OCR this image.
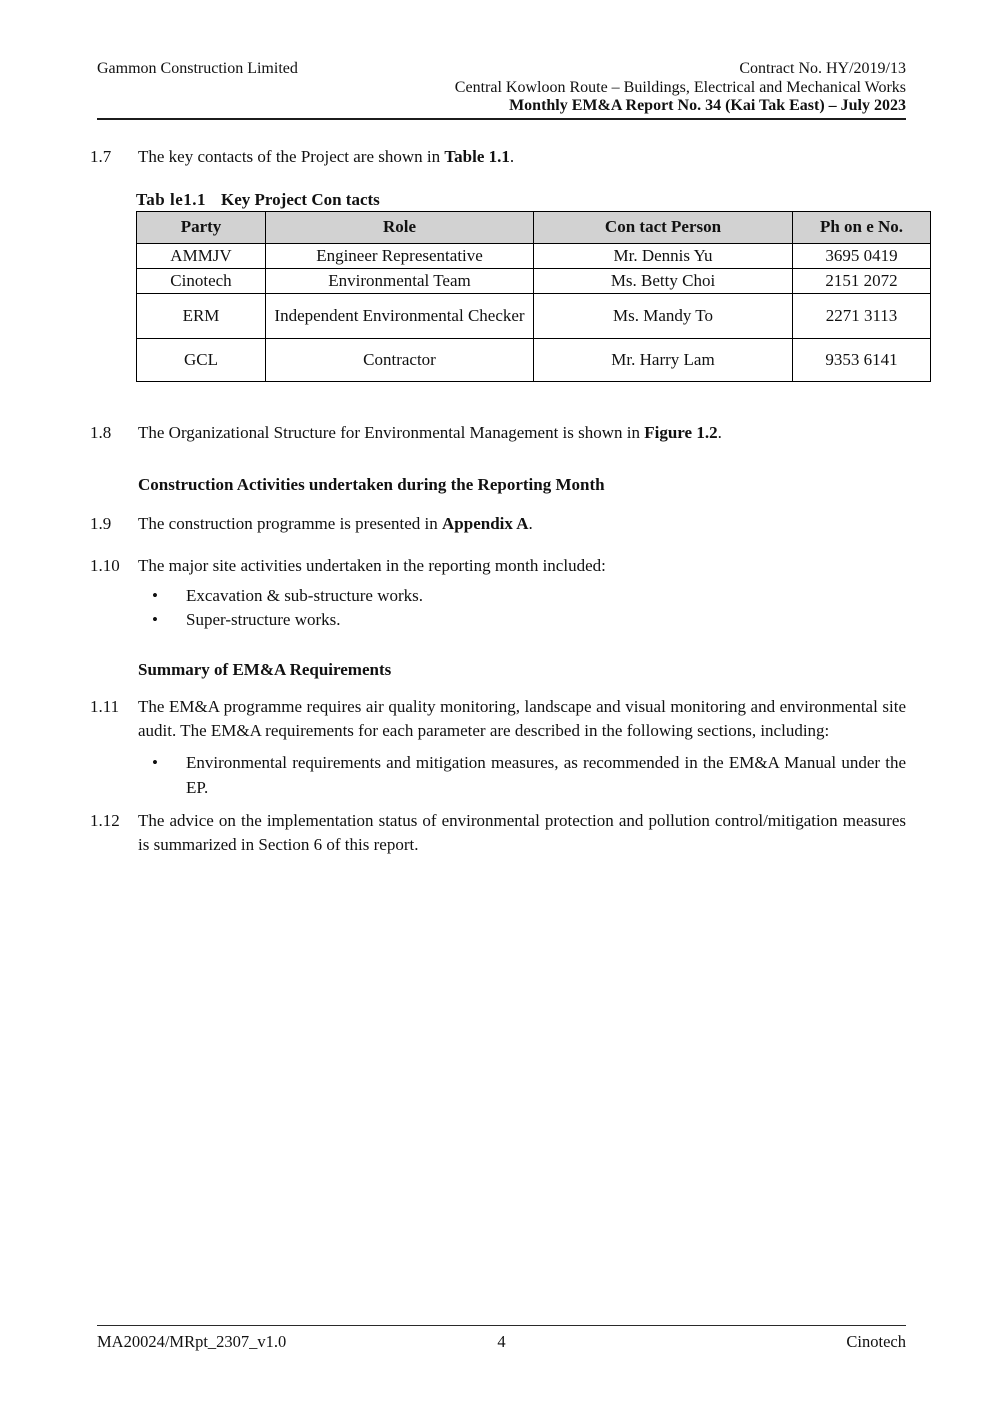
Gammon Construction Limited	Contract No. HY/2019/13
Central Kowloon Route – Buildings, Electrical and Mechanical Works
Monthly EM&A Report No. 34 (Kai Tak East) – July 2023
1.7	The key contacts of the Project are shown in Table 1.1.
Tab le1.1 Key Project Con tacts
Party	Role	Con tact Person	Ph on e No.
AMMJV	Engineer Representative	Mr. Dennis Yu	3695 0419
Cinotech	Environmental Team	Ms. Betty Choi	2151 2072
ERM	Independent Environmental Checker	Ms. Mandy To	2271 3113
GCL	Contractor	Mr. Harry Lam	9353 6141
1.8	The Organizational Structure for Environmental Management is shown in Figure 1.2.
Construction Activities undertaken during the Reporting Month
1.9	The construction programme is presented in Appendix A.
1.10	The major site activities undertaken in the reporting month included:
•
Excavation & sub-structure works.
•
Super-structure works.
Summary of EM&A Requirements
1.11	The EM&A programme requires air quality monitoring, landscape and visual monitoring and environmental site audit. The EM&A requirements for each parameter are described in the following sections, including:
•
Environmental requirements and mitigation measures, as recommended in the EM&A Manual under the EP.
1.12	The advice on the implementation status of environmental protection and pollution control/mitigation measures is summarized in Section 6 of this report.
MA20024/MRpt_2307_v1.0	4	Cinotech
